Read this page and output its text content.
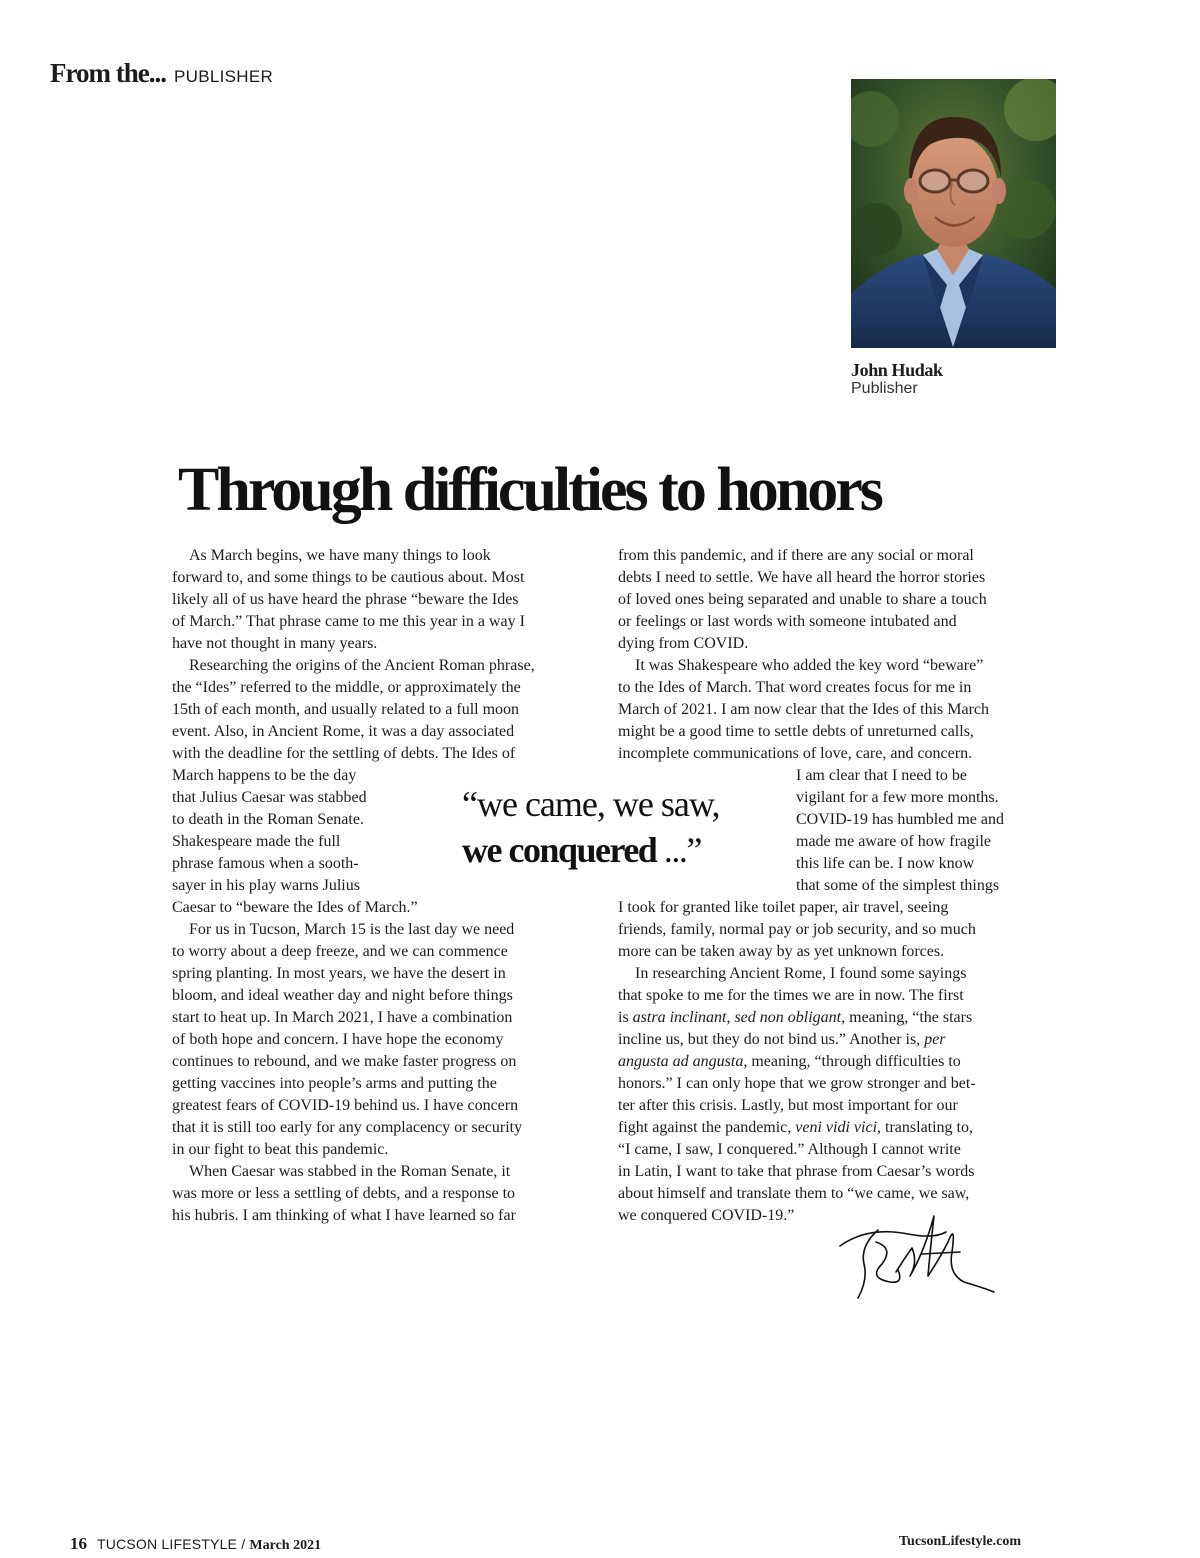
From the... PUBLISHER
John Hudak
Publisher
Through difficulties to honors
As March begins, we have many things to look
forward to, and some things to be cautious about. Most
likely all of us have heard the phrase “beware the Ides
of March.” That phrase came to me this year in a way I
have not thought in many years.
Researching the origins of the Ancient Roman phrase,
the “Ides” referred to the middle, or approximately the
15th of each month, and usually related to a full moon
event. Also, in Ancient Rome, it was a day associated
with the deadline for the settling of debts. The Ides of
March happens to be the day
that Julius Caesar was stabbed
to death in the Roman Senate.
Shakespeare made the full
phrase famous when a sooth-
sayer in his play warns Julius
Caesar to “beware the Ides of March.”
For us in Tucson, March 15 is the last day we need
to worry about a deep freeze, and we can commence
spring planting. In most years, we have the desert in
bloom, and ideal weather day and night before things
start to heat up. In March 2021, I have a combination
of both hope and concern. I have hope the economy
continues to rebound, and we make faster progress on
getting vaccines into people’s arms and putting the
greatest fears of COVID-19 behind us. I have concern
that it is still too early for any complacency or security
in our fight to beat this pandemic.
When Caesar was stabbed in the Roman Senate, it
was more or less a settling of debts, and a response to
his hubris. I am thinking of what I have learned so far
from this pandemic, and if there are any social or moral
debts I need to settle. We have all heard the horror stories
of loved ones being separated and unable to share a touch
or feelings or last words with someone intubated and
dying from COVID.
It was Shakespeare who added the key word “beware”
to the Ides of March. That word creates focus for me in
March of 2021. I am now clear that the Ides of this March
might be a good time to settle debts of unreturned calls,
incomplete communications of love, care, and concern.
I am clear that I need to be
vigilant for a few more months.
COVID-19 has humbled me and
made me aware of how fragile
this life can be. I now know
that some of the simplest things
I took for granted like toilet paper, air travel, seeing
friends, family, normal pay or job security, and so much
more can be taken away by as yet unknown forces.
In researching Ancient Rome, I found some sayings
that spoke to me for the times we are in now. The first
is astra inclinant, sed non obligant, meaning, “the stars
incline us, but they do not bind us.” Another is, per
angusta ad angusta, meaning, “through difficulties to
honors.” I can only hope that we grow stronger and bet-
ter after this crisis. Lastly, but most important for our
fight against the pandemic, veni vidi vici, translating to,
“I came, I saw, I conquered.” Although I cannot write
in Latin, I want to take that phrase from Caesar’s words
about himself and translate them to “we came, we saw,
we conquered COVID-19.”
“we came, we saw,
we conquered ...”
16 TUCSON LIFESTYLE / March 2021	TucsonLifestyle.com
